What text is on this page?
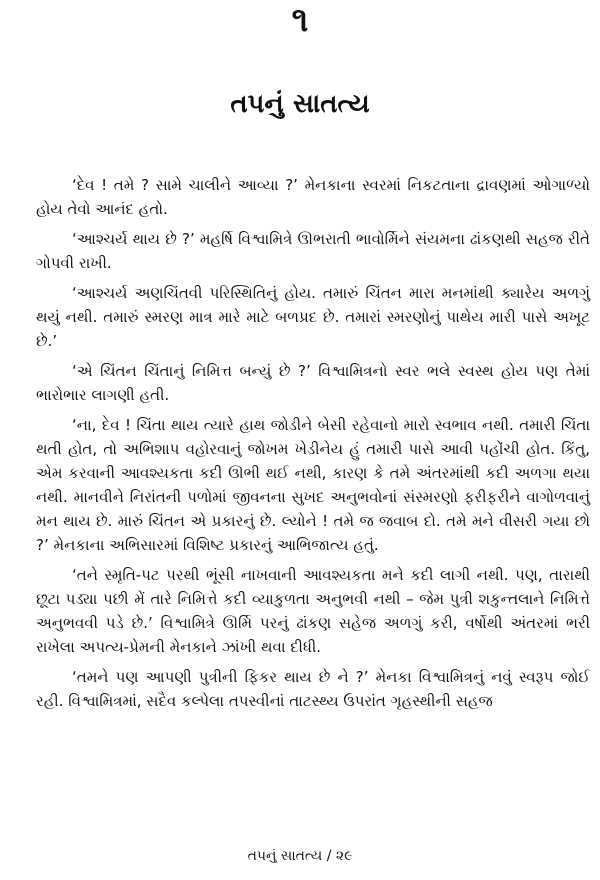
૧
તપનું સાતત્ય

‘દેવ ! તમે ? સામે ચાલીને આવ્યા ?’ મેનકાના સ્વરમાં નિકટતાના દ્રાવણમાં ઓગાળ્યો હોય તેવો આનંદ હતો.

‘આશ્ચર્ય થાય છે ?’ મહર્ષિ વિશ્વામિત્રે ઊભરાતી ભાવોર્મિને સંયમના ઢાંકણથી સહજ રીતે ગોપવી રાખી.

‘આશ્ચર્ય અણચિંતવી પરિસ્થિતિનું હોય. તમારું ચિંતન મારા મનમાંથી ક્યારેય અળગું થયું નથી. તમારું સ્મરણ માત્ર મારે માટે બળપ્રદ છે. તમારાં સ્મરણોનું પાથેય મારી પાસે અખૂટ છે.’

‘એ ચિંતન ચિંતાનું નિમિત્ત બન્યું છે ?’ વિશ્વામિત્રનો સ્વર ભલે સ્વસ્થ હોય પણ તેમાં ભારોભાર લાગણી હતી.

‘ના, દેવ ! ચિંતા થાય ત્યારે હાથ જોડીને બેસી રહેવાનો મારો સ્વભાવ નથી. તમારી ચિંતા થતી હોત, તો અભિશાપ વહોરવાનું જોખમ ખેડીનેય હું તમારી પાસે આવી પહોંચી હોત. કિંતુ, એમ કરવાની આવશ્યકતા કદી ઊભી થઈ નથી, કારણ કે તમે અંતરમાંથી કદી અળગા થયા નથી. માનવીને નિરાંતની પળોમાં જીવનના સુખદ અનુભવોનાં સંસ્મરણો ફરીફરીને વાગોળવાનું મન થાય છે. મારું ચિંતન એ પ્રકારનું છે. લ્યોને ! તમે જ જવાબ દો. તમે મને વીસરી ગયા છો ?’ મેનકાના અભિસારમાં વિશિષ્ટ પ્રકારનું આભિજાત્ય હતું.

‘તને સ્મૃતિ-પટ પરથી ભૂંસી નાખવાની આવશ્યકતા મને કદી લાગી નથી. પણ, તારાથી છૂટા પડ્યા પછી મેં તારે નિમિત્તે કદી વ્યાકુળતા અનુભવી નથી – જેમ પુત્રી શકુન્તલાને નિમિત્તે અનુભવવી પડે છે.’ વિશ્વામિત્રે ઊર્મિ પરનું ઢાંકણ સહેજ અળગું કરી, વર્ષોથી અંતરમાં ભરી રાખેલા અપત્ય-પ્રેમની મેનકાને ઝાંખી થવા દીધી.

‘તમને પણ આપણી પુત્રીની ફિકર થાય છે ને ?’ મેનકા વિશ્વામિત્રનું નવું સ્વરૂપ જોઈ રહી. વિશ્વામિત્રમાં, સદૈવ કલ્પેલા તપસ્વીનાં તાટસ્થ્ય ઉપરાંત ગૃહસ્થીની સહજ

તપનું સાતત્ય / ૨૯
